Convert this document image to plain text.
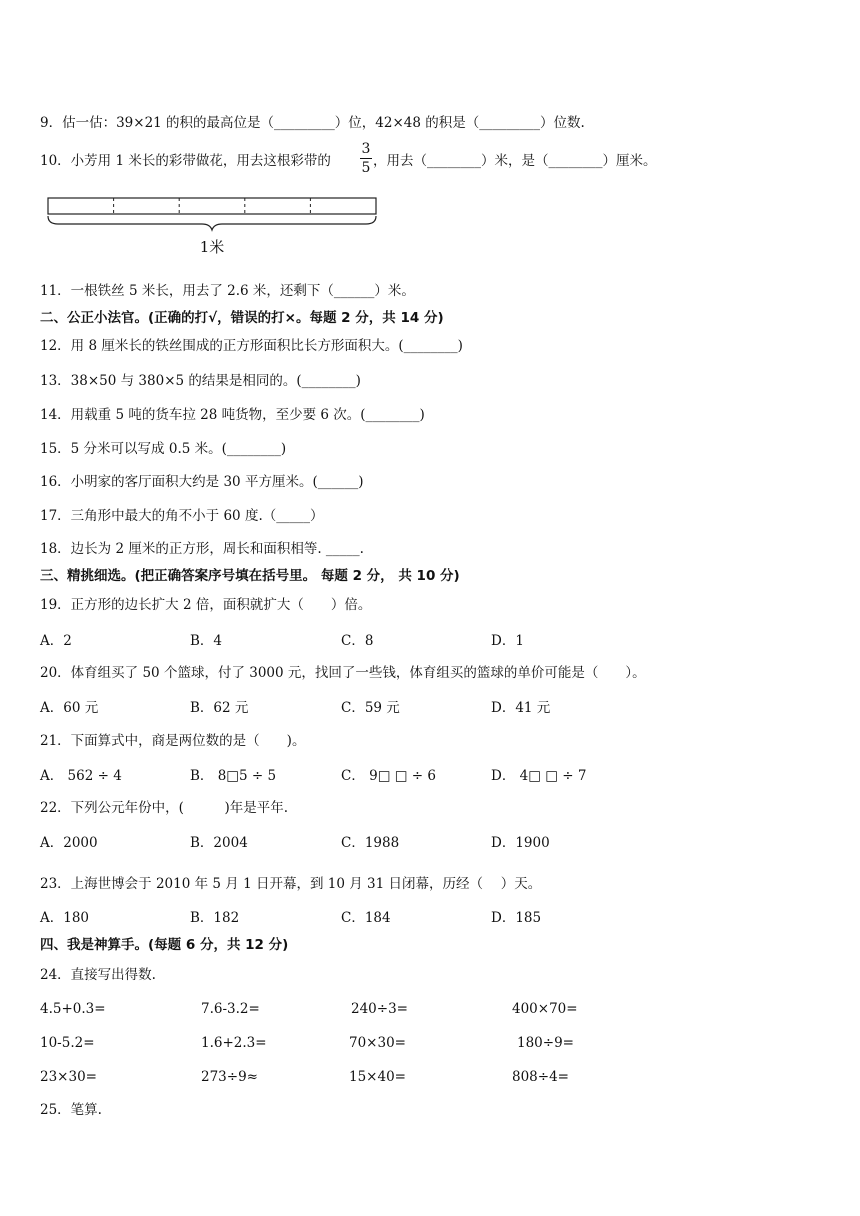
9．估一估：39×21 的积的最高位是（_________）位，42×48 的积是（_________）位数.
10．小芳用 1 米长的彩带做花，用去这根彩带的
3
5 ，用去（________）米，是（________）厘米。
1米
11．一根铁丝 5 米长，用去了 2.6 米，还剩下（______）米。
二、公正小法官。(正确的打√，错误的打×。每题 2 分，共 14 分)
12．用 8 厘米长的铁丝围成的正方形面积比长方形面积大。(________)
13．38×50 与 380×5 的结果是相同的。(________)
14．用载重 5 吨的货车拉 28 吨货物，至少要 6 次。(________)
15．5 分米可以写成 0.5 米。(________)
16．小明家的客厅面积大约是 30 平方厘米。(______)
17．三角形中最大的角不小于 60 度.（_____）
18．边长为 2 厘米的正方形，周长和面积相等. _____.
三、精挑细选。(把正确答案序号填在括号里。 每题 2 分， 共 10 分)
19．正方形的边长扩大 2 倍，面积就扩大（　　）倍。
A．2	B．4	C．8	D．1
20．体育组买了 50 个篮球，付了 3000 元，找回了一些钱，体育组买的篮球的单价可能是（　　）。
A．60 元	B．62 元	C．59 元	D．41 元
21．下面算式中，商是两位数的是（　　)。
A． 562 ÷ 4	B． 8□5 ÷ 5	C． 9□ □ ÷ 6	D． 4□ □ ÷ 7
22．下列公元年份中，(　　　)年是平年.
A．2000	B．2004	C．1988	D．1900
23．上海世博会于 2010 年 5 月 1 日开幕，到 10 月 31 日闭幕，历经（　 ）天。
A．180	B．182	C．184	D．185
四、我是神算手。(每题 6 分，共 12 分)
24．直接写出得数.
4.5+0.3=	7.6-3.2=	240÷3=	400×70=
10-5.2=	1.6+2.3=	70×30=	180÷9=
23×30=	273÷9≈	15×40=	808÷4=
25．笔算.
